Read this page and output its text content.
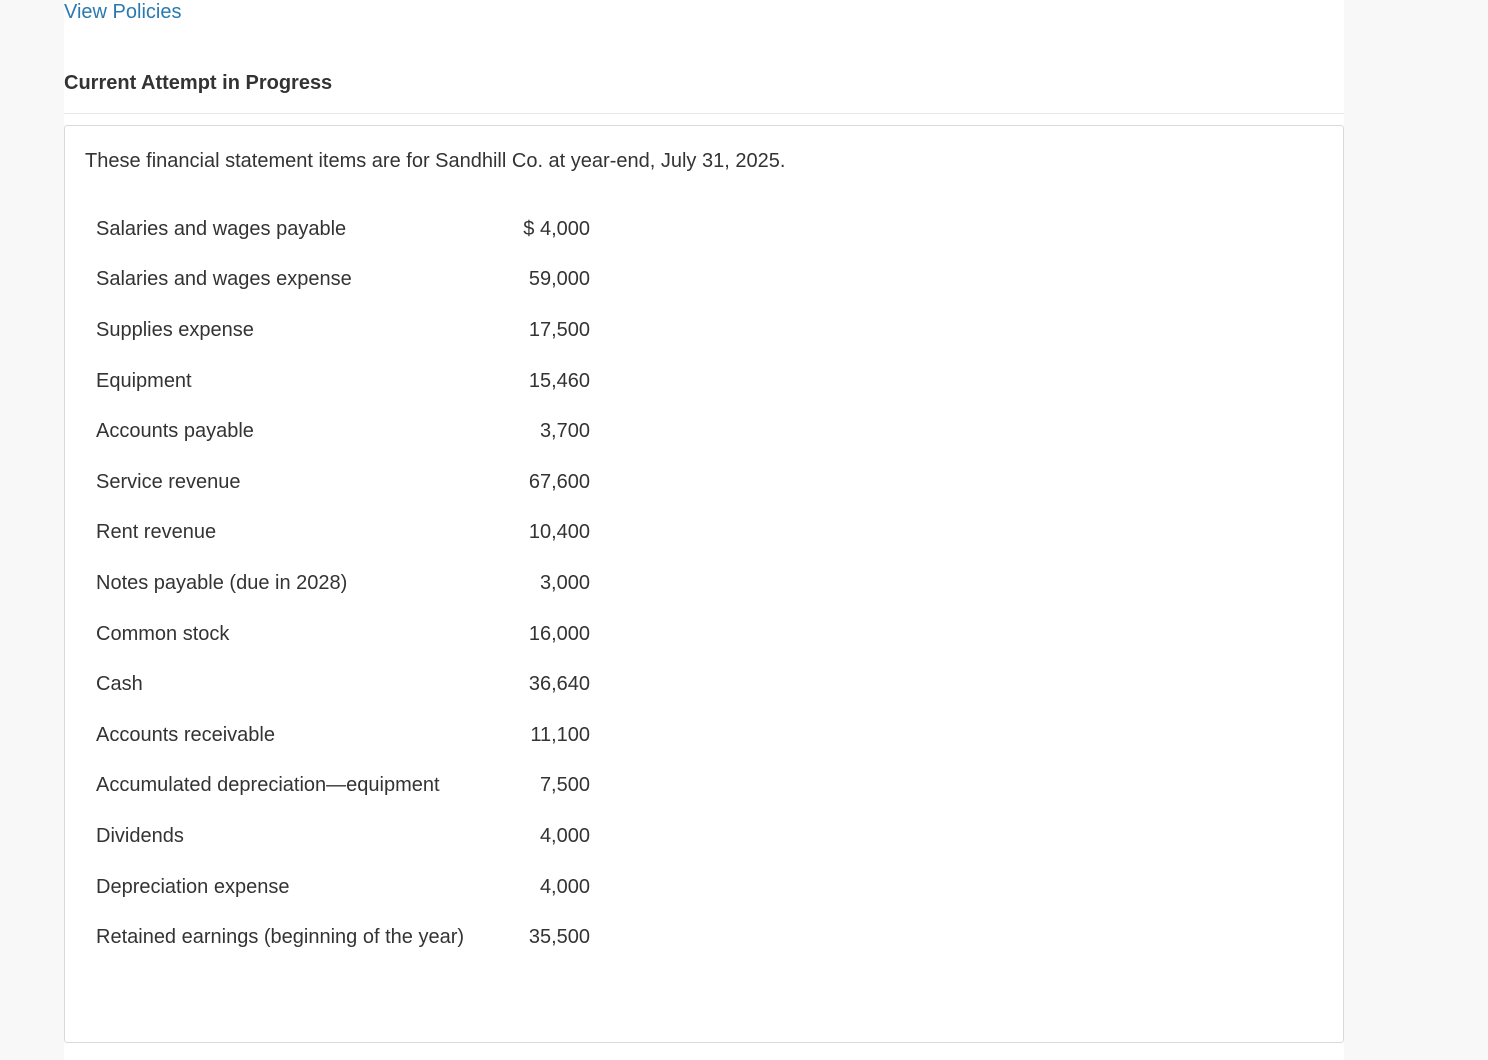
View Policies
Current Attempt in Progress

These financial statement items are for Sandhill Co. at year-end, July 31, 2025.

Salaries and wages payable	$ 4,000
Salaries and wages expense	59,000
Supplies expense	17,500
Equipment	15,460
Accounts payable	3,700
Service revenue	67,600
Rent revenue	10,400
Notes payable (due in 2028)	3,000
Common stock	16,000
Cash	36,640
Accounts receivable	11,100
Accumulated depreciation—equipment	7,500
Dividends	4,000
Depreciation expense	4,000
Retained earnings (beginning of the year)	35,500
